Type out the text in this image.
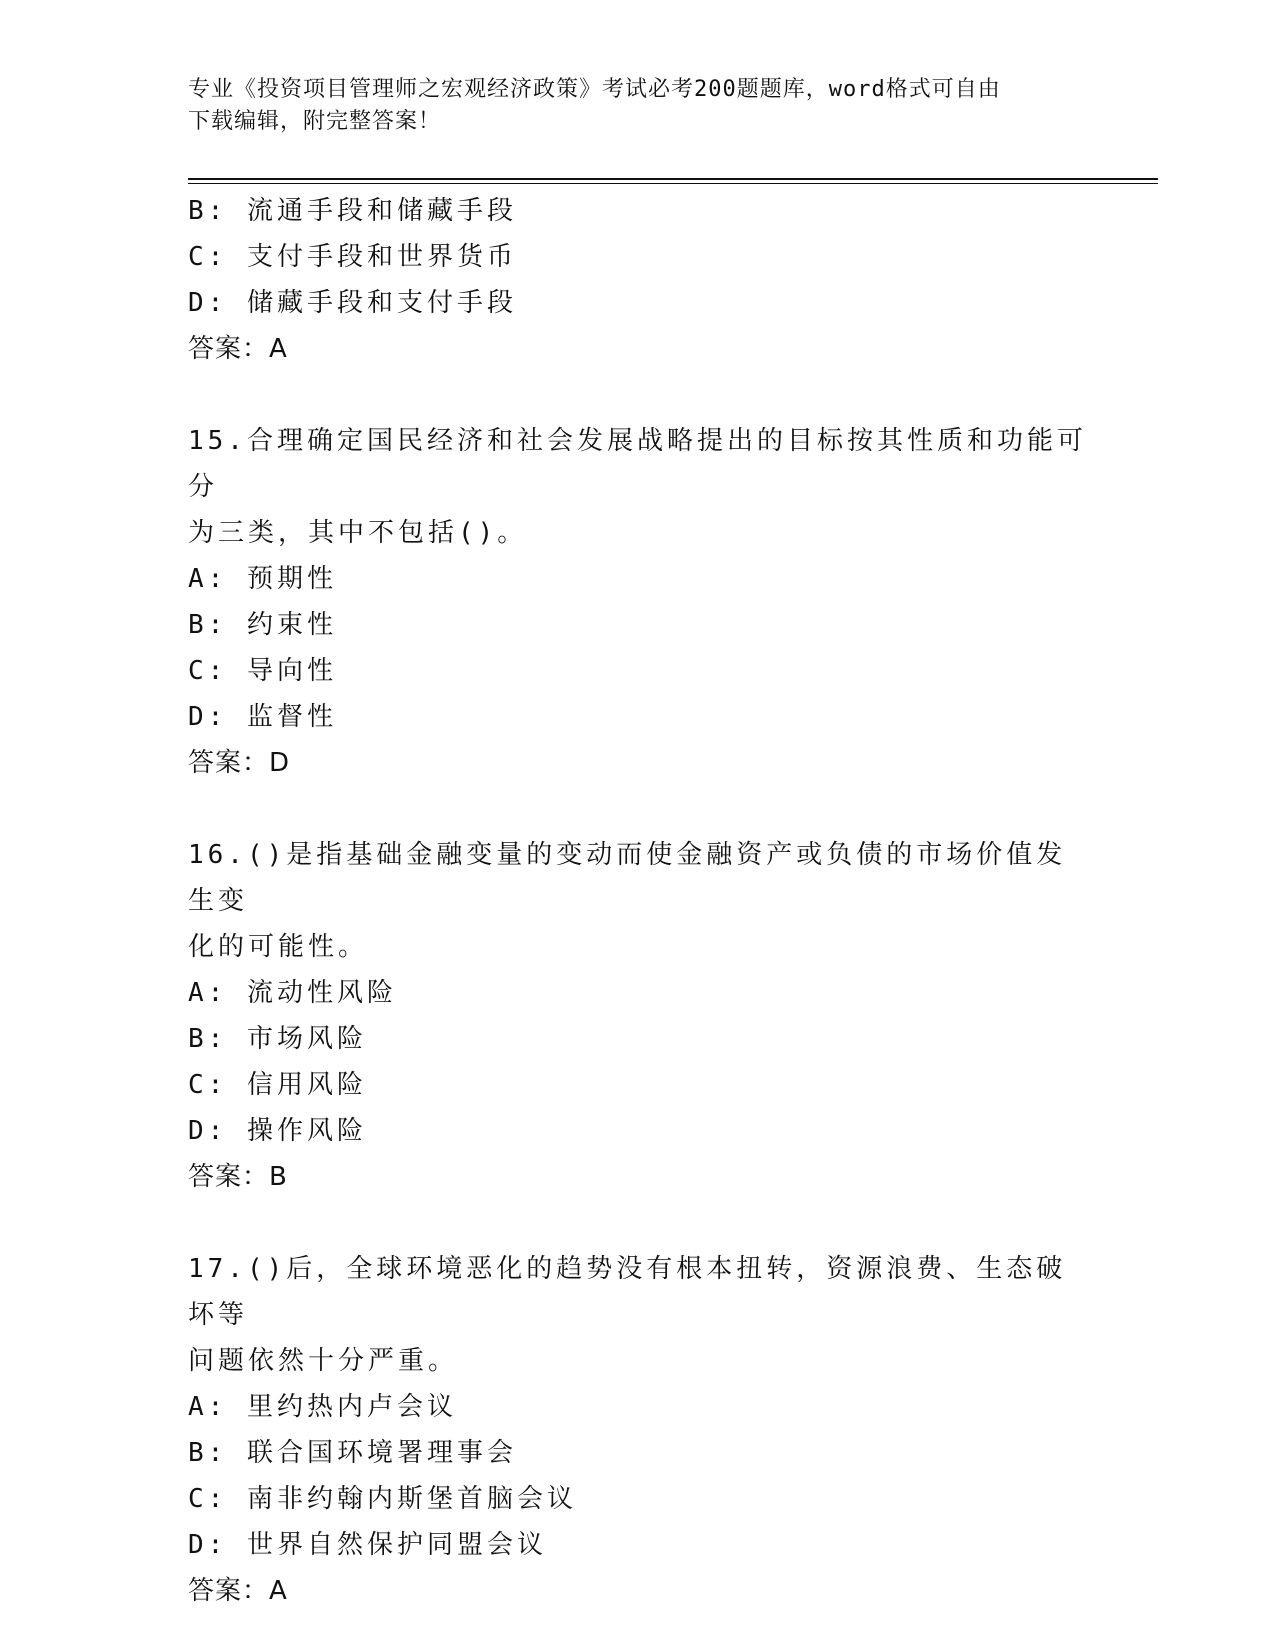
专业《投资项目管理师之宏观经济政策》考试必考200题题库，word格式可自由
下载编辑，附完整答案！
B: 流通手段和储藏手段
C: 支付手段和世界货币
D: 储藏手段和支付手段
答案：A
15.合理确定国民经济和社会发展战略提出的目标按其性质和功能可分
为三类，其中不包括()。
A: 预期性
B: 约束性
C: 导向性
D: 监督性
答案：D
16.()是指基础金融变量的变动而使金融资产或负债的市场价值发生变
化的可能性。
A: 流动性风险
B: 市场风险
C: 信用风险
D: 操作风险
答案：B
17.()后，全球环境恶化的趋势没有根本扭转，资源浪费、生态破坏等
问题依然十分严重。
A: 里约热内卢会议
B: 联合国环境署理事会
C: 南非约翰内斯堡首脑会议
D: 世界自然保护同盟会议
答案：A
